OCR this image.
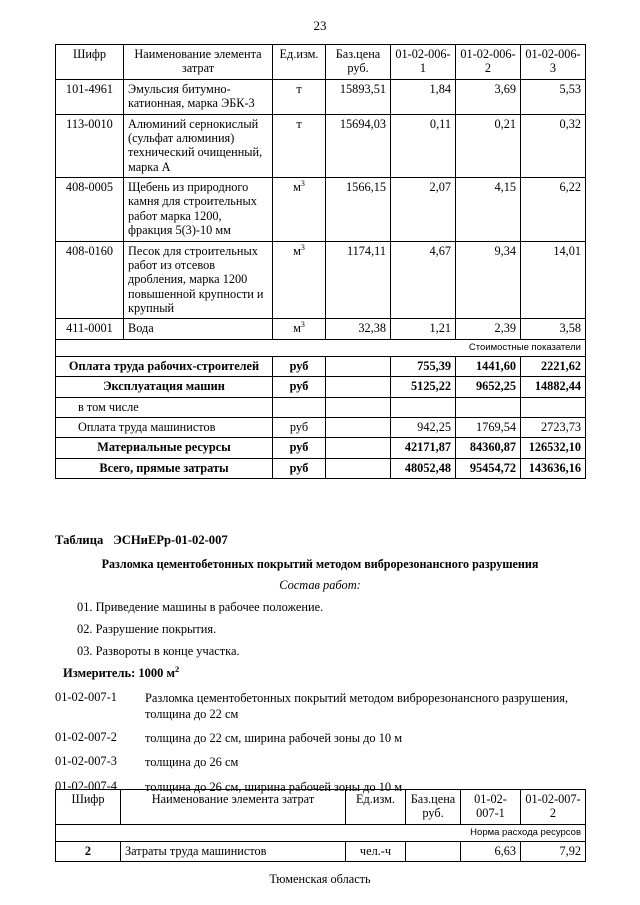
23
Шифр	Наименование элемента затрат	Ед.изм.	Баз.цена руб.	01-02-006-1	01-02-006-2	01-02-006-3
101-4961	Эмульсия битумно-катионная, марка ЭБК-3	т	15893,51	1,84	3,69	5,53
113-0010	Алюминий сернокислый (сульфат алюминия) технический очищенный, марка А	т	15694,03	0,11	0,21	0,32
408-0005	Щебень из природного камня для строительных работ марка 1200, фракция 5(3)-10 мм	$м^3$	1566,15	2,07	4,15	6,22
408-0160	Песок для строительных работ из отсевов дробления, марка 1200 повышенной крупности и крупный	$м^3$	1174,11	4,67	9,34	14,01
411-0001	Вода	$м^3$	32,38	1,21	2,39	3,58
Стоимостные показатели						
Оплата труда рабочих-строителей		руб		755,39	1441,60	2221,62
Эксплуатация машин		руб		5125,22	9652,25	14882,44
в том числе						
Оплата труда машинистов		руб		942,25	1769,54	2723,73
Материальные ресурсы		руб		42171,87	84360,87	126532,10
Всего, прямые затраты		руб		48052,48	95454,72	143636,16
Таблица ЭСНиЕРр-01-02-007
Разломка цементобетонных покрытий методом виброрезонансного разрушения
Состав работ:
01. Приведение машины в рабочее положение.
02. Разрушение покрытия.
03. Развороты в конце участка.
Измеритель: 1000 $м^2$
01-02-007-1	Разломка цементобетонных покрытий методом виброрезонансного разрушения, толщина до 22 см
01-02-007-2	толщина до 22 см, ширина рабочей зоны до 10 м
01-02-007-3	толщина до 26 см
01-02-007-4	толщина до 26 см, ширина рабочей зоны до 10 м
Шифр	Наименование элемента затрат	Ед.изм.	Баз.цена руб.	01-02-007-1	01-02-007-2
Норма расхода ресурсов					
2	Затраты труда машинистов	чел.-ч		6,63	7,92
Тюменская область
